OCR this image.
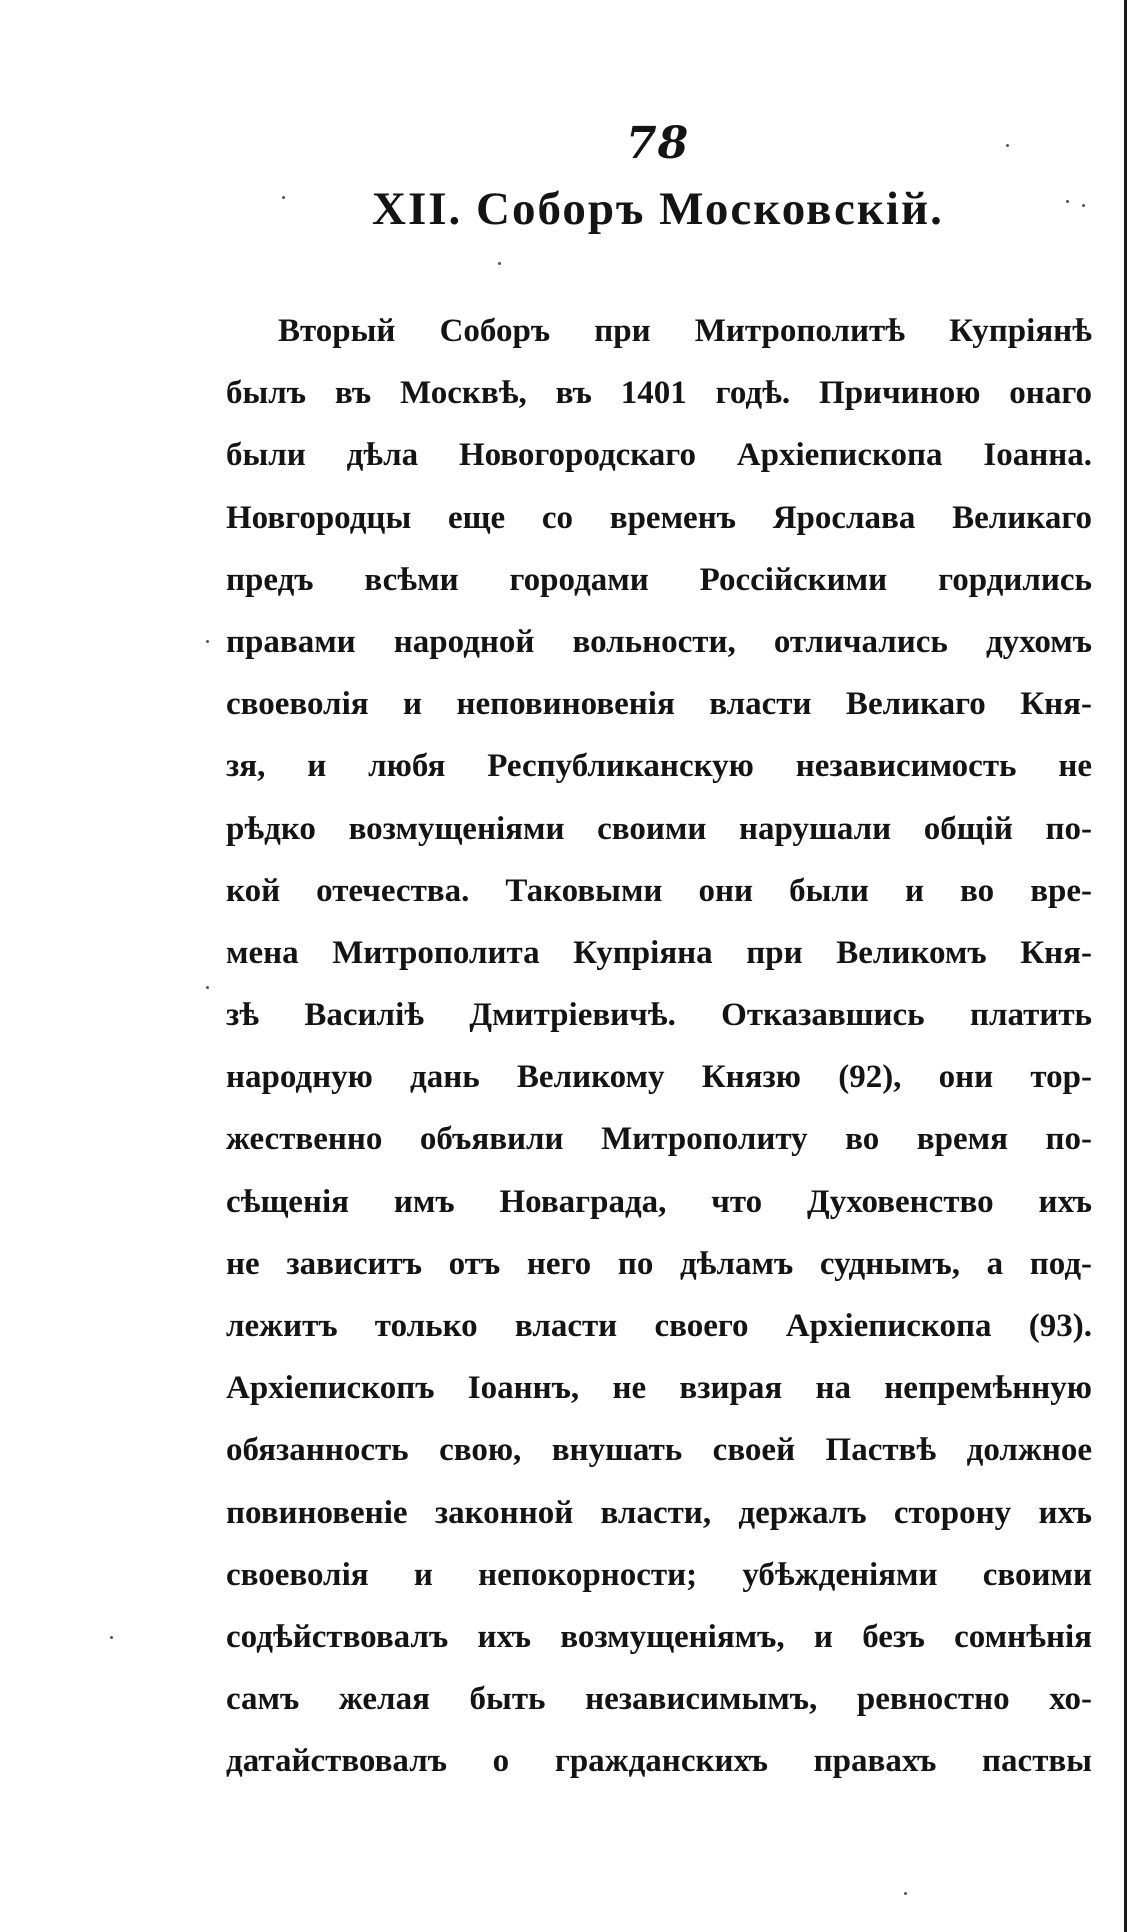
78
XII. Соборъ Московскій.
Вторый Соборъ при Митрополитѣ Купріянѣ
былъ въ Москвѣ, въ 1401 годѣ. Причиною онаго
были дѣла Новогородскаго Архіепископа Іоанна.
Новгородцы еще со временъ Ярослава Великаго
предъ всѣми городами Россійскими гордились
правами народной вольности, отличались духомъ
своеволія и неповиновенія власти Великаго Кня-
зя, и любя Республиканскую независимость не
рѣдко возмущеніями своими нарушали общій по-
кой отечества. Таковыми они были и во вре-
мена Митрополита Купріяна при Великомъ Кня-
зѣ Василіѣ Дмитріевичѣ. Отказавшись платить
народную дань Великому Князю (92), они тор-
жественно объявили Митрополиту во время по-
сѣщенія имъ Новаграда, что Духовенство ихъ
не зависитъ отъ него по дѣламъ суднымъ, а под-
лежитъ только власти своего Архіепископа (93).
Архіепископъ Іоаннъ, не взирая на непремѣнную
обязанность свою, внушать своей Паствѣ должное
повиновеніе законной власти, держалъ сторону ихъ
своеволія и непокорности; убѣжденіями своими
содѣйствовалъ ихъ возмущеніямъ, и безъ сомнѣнія
самъ желая быть независимымъ, ревностно хо-
датайствовалъ о гражданскихъ правахъ паствы
